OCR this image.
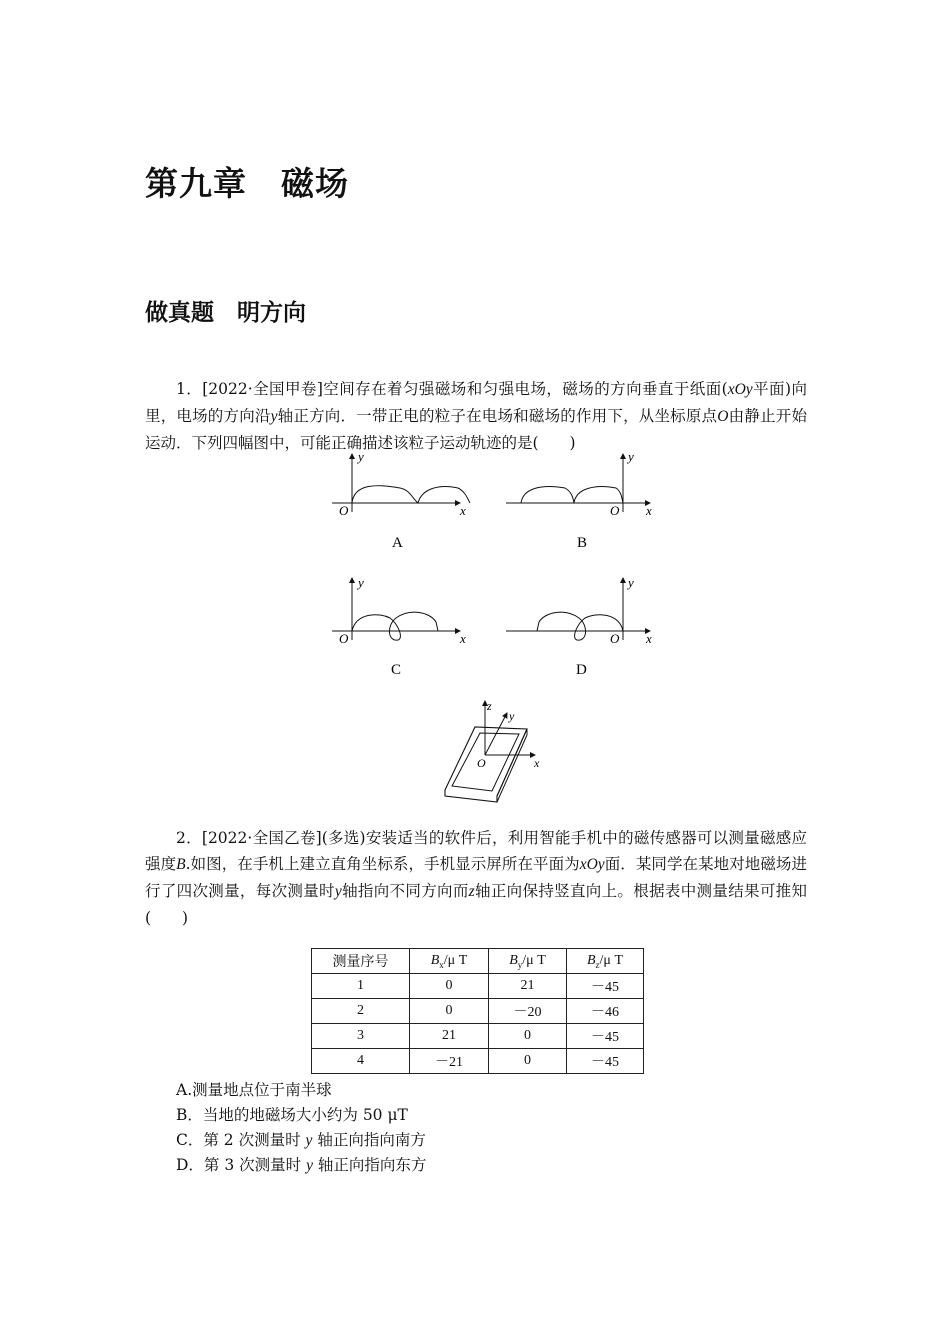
第九章　磁场
做真题　明方向
1．[2022·全国甲卷]空间存在着匀强磁场和匀强电场，磁场的方向垂直于纸面(xOy平面)向里，电场的方向沿y轴正方向．一带正电的粒子在电场和磁场的作用下，从坐标原点O由静止开始运动．下列四幅图中，可能正确描述该粒子运动轨迹的是(　　)
y
x
O
A
y
x
O
B
y
x
O
C
y
x
O
D
z
y
x
O
2．[2022·全国乙卷](多选)安装适当的软件后，利用智能手机中的磁传感器可以测量磁感应强度B.如图，在手机上建立直角坐标系，手机显示屏所在平面为xOy面．某同学在某地对地磁场进行了四次测量，每次测量时y轴指向不同方向而z轴正向保持竖直向上。根据表中测量结果可推知　(　　)
测量序号	$B_x/\mu$ T	$B_y/\mu$ T	$B_z/\mu$ T
1	0	21	－45
2	0	－20	－46
3	21	0	－45
4	－21	0	－45
A.测量地点位于南半球
B．当地的地磁场大小约为 50 μT
C．第 2 次测量时 y 轴正向指向南方
D．第 3 次测量时 y 轴正向指向东方
